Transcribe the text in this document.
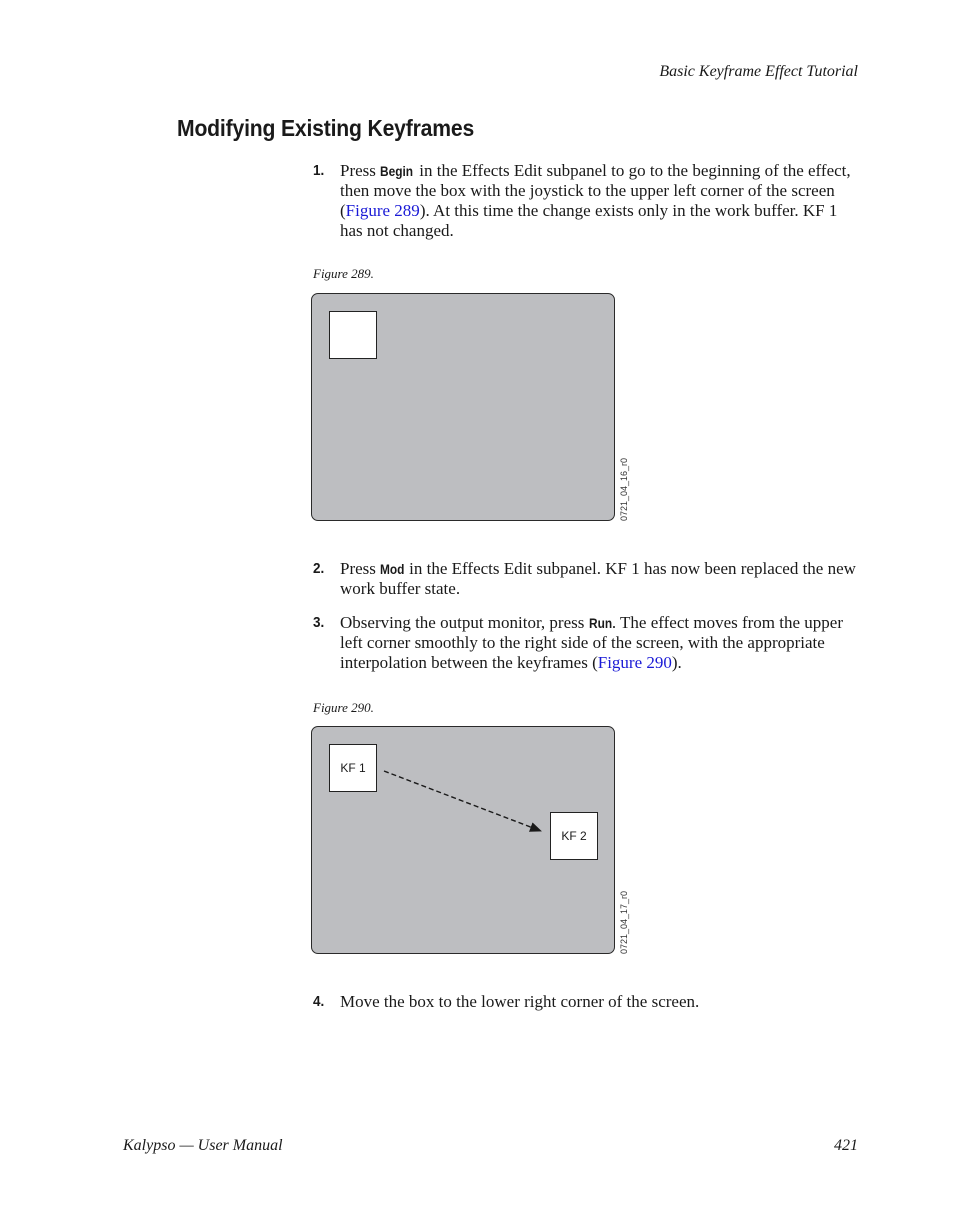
Basic Keyframe Effect Tutorial
Modifying Existing Keyframes
1. Press Begin in the Effects Edit subpanel to go to the beginning of the effect, then move the box with the joystick to the upper left corner of the screen (Figure 289). At this time the change exists only in the work buffer. KF 1 has not changed.
Figure 289.
0721_04_16_r0
2. Press Mod in the Effects Edit subpanel. KF 1 has now been replaced the new work buffer state.
3. Observing the output monitor, press Run. The effect moves from the upper left corner smoothly to the right side of the screen, with the appropriate interpolation between the keyframes (Figure 290).
Figure 290.
KF 1
KF 2
0721_04_17_r0
4. Move the box to the lower right corner of the screen.
Kalypso — User Manual	421
